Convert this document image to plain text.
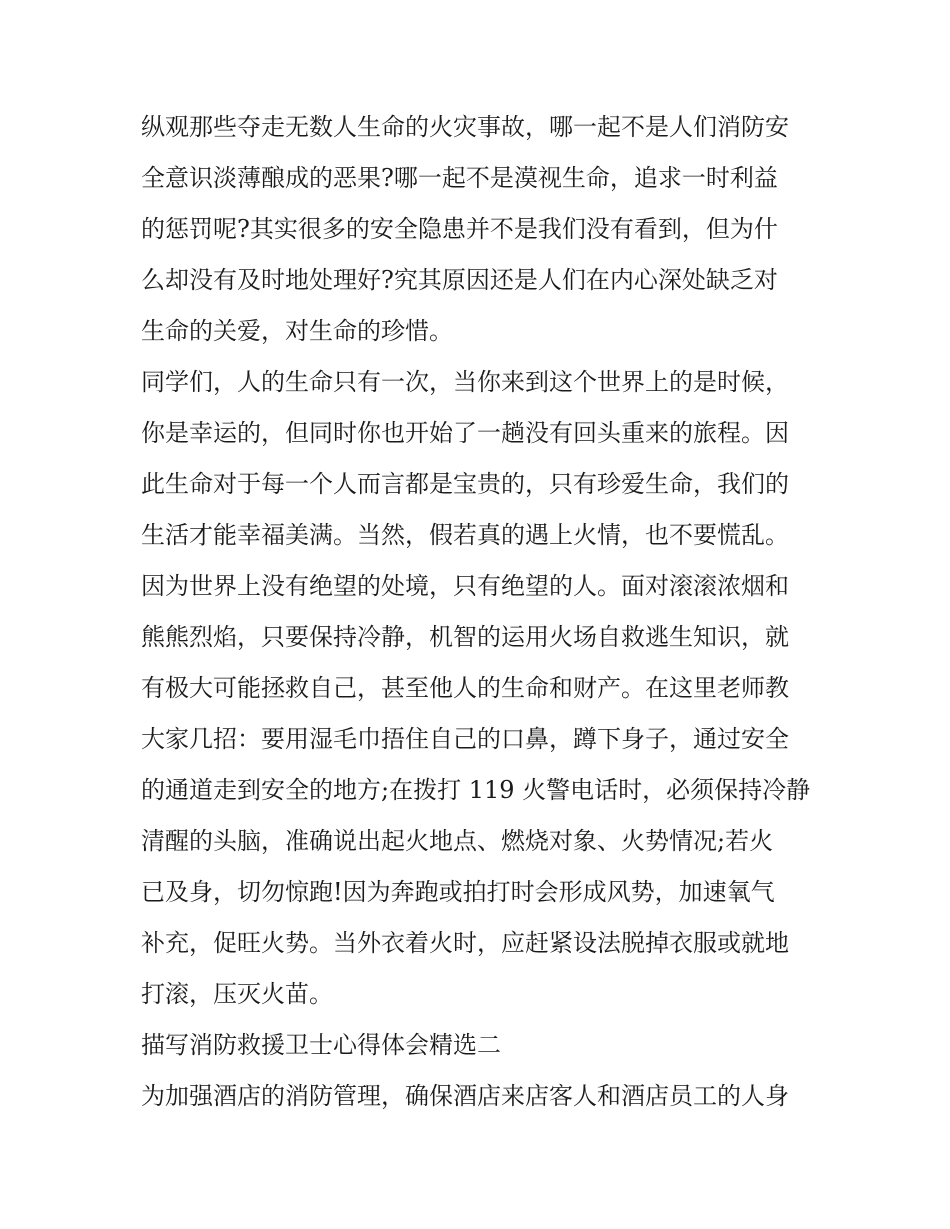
纵观那些夺走无数人生命的火灾事故，哪一起不是人们消防安
全意识淡薄酿成的恶果?哪一起不是漠视生命，追求一时利益
的惩罚呢?其实很多的安全隐患并不是我们没有看到，但为什
么却没有及时地处理好?究其原因还是人们在内心深处缺乏对
生命的关爱，对生命的珍惜。
同学们，人的生命只有一次，当你来到这个世界上的是时候，
你是幸运的，但同时你也开始了一趟没有回头重来的旅程。因
此生命对于每一个人而言都是宝贵的，只有珍爱生命，我们的
生活才能幸福美满。当然，假若真的遇上火情，也不要慌乱。
因为世界上没有绝望的处境，只有绝望的人。面对滚滚浓烟和
熊熊烈焰，只要保持冷静，机智的运用火场自救逃生知识，就
有极大可能拯救自己，甚至他人的生命和财产。在这里老师教
大家几招：要用湿毛巾捂住自己的口鼻，蹲下身子，通过安全
的通道走到安全的地方;在拨打 119 火警电话时，必须保持冷静
清醒的头脑，准确说出起火地点、燃烧对象、火势情况;若火
已及身，切勿惊跑!因为奔跑或拍打时会形成风势，加速氧气
补充，促旺火势。当外衣着火时，应赶紧设法脱掉衣服或就地
打滚，压灭火苗。
描写消防救援卫士心得体会精选二
为加强酒店的消防管理，确保酒店来店客人和酒店员工的人身
